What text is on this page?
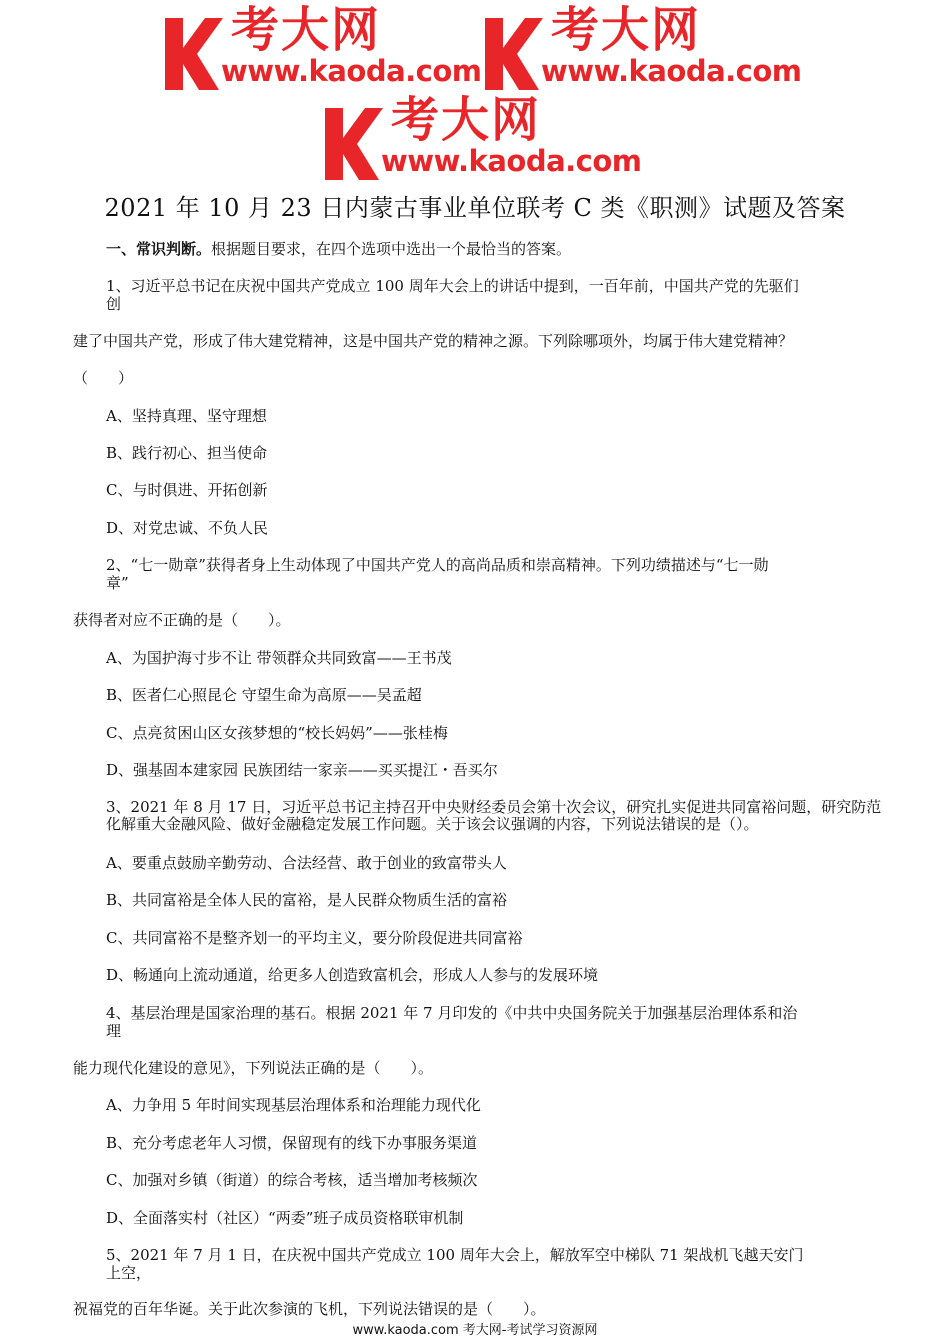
考大网
www.kaoda.com
考大网
www.kaoda.com
考大网
www.kaoda.com
2021 年 10 月 23 日内蒙古事业单位联考 C 类《职测》试题及答案
一、常识判断。根据题目要求，在四个选项中选出一个最恰当的答案。
1、习近平总书记在庆祝中国共产党成立 100 周年大会上的讲话中提到，一百年前，中国共产党的先驱们
创
建了中国共产党，形成了伟大建党精神，这是中国共产党的精神之源。下列除哪项外，均属于伟大建党精神？
（　　）
A、坚持真理、坚守理想
B、践行初心、担当使命
C、与时俱进、开拓创新
D、对党忠诚、不负人民
2、“七一勋章”获得者身上生动体现了中国共产党人的高尚品质和崇高精神。下列功绩描述与“七一勋
章”
获得者对应不正确的是（　　）。
A、为国护海寸步不让 带领群众共同致富——王书茂
B、医者仁心照昆仑 守望生命为高原——吴孟超
C、点亮贫困山区女孩梦想的“校长妈妈”——张桂梅
D、强基固本建家园 民族团结一家亲——买买提江・吾买尔
3、2021 年 8 月 17 日，习近平总书记主持召开中央财经委员会第十次会议，研究扎实促进共同富裕问题，研究防范化解重大金融风险、做好金融稳定发展工作问题。关于该会议强调的内容，下列说法错误的是（）。
A、要重点鼓励辛勤劳动、合法经营、敢于创业的致富带头人
B、共同富裕是全体人民的富裕，是人民群众物质生活的富裕
C、共同富裕不是整齐划一的平均主义，要分阶段促进共同富裕
D、畅通向上流动通道，给更多人创造致富机会，形成人人参与的发展环境
4、基层治理是国家治理的基石。根据 2021 年 7 月印发的《中共中央国务院关于加强基层治理体系和治
理
能力现代化建设的意见》，下列说法正确的是（　　）。
A、力争用 5 年时间实现基层治理体系和治理能力现代化
B、充分考虑老年人习惯，保留现有的线下办事服务渠道
C、加强对乡镇（街道）的综合考核，适当增加考核频次
D、全面落实村（社区）“两委”班子成员资格联审机制
5、2021 年 7 月 1 日，在庆祝中国共产党成立 100 周年大会上，解放军空中梯队 71 架战机飞越天安门
上空，
祝福党的百年华诞。关于此次参演的飞机，下列说法错误的是（　　）。
www.kaoda.com 考大网-考试学习资源网
